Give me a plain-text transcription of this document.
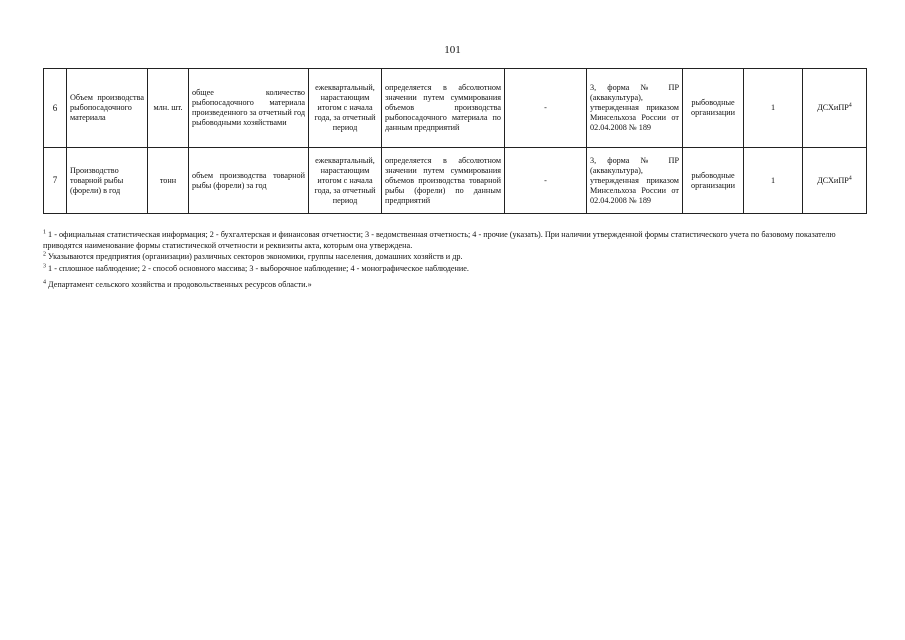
101
6	Объем производства рыбопосадочного материала	млн. шт.	общее количество рыбопосадочного материала произведенного за отчетный год рыбоводными хозяйствами	ежеквартальный, нарастающим итогом с начала года, за отчетный период	определяется в абсолютном значении путем суммирования объемов производства рыбопосадочного материала по данным предприятий	-	3, форма № ПР (аквакультура), утвержденная приказом Минсельхоза России от 02.04.2008 № 189	рыбоводные организации	1	ДСХиПР$^4$
7	Производство товарной рыбы (форели) в год	тонн	объем производства товарной рыбы (форели) за год	ежеквартальный, нарастающим итогом с начала года, за отчетный период	определяется в абсолютном значении путем суммирования объемов производства товарной рыбы (форели) по данным предприятий	-	3, форма № ПР (аквакультура), утвержденная приказом Минсельхоза России от 02.04.2008 № 189	рыбоводные организации	1	ДСХиПР$^4$

$^1$ 1 - официальная статистическая информация; 2 - бухгалтерская и финансовая отчетности; 3 - ведомственная отчетность; 4 - прочие (указать). При наличии утвержденной формы статистического учета по базовому показателю приводятся наименование формы статистической отчетности и реквизиты акта, которым она утверждена.

$^2$ Указываются предприятия (организации) различных секторов экономики, группы населения, домашних хозяйств и др.

$^3$ 1 - сплошное наблюдение; 2 - способ основного массива; 3 - выборочное наблюдение; 4 - монографическое наблюдение.

$^4$ Департамент сельского хозяйства и продовольственных ресурсов области.»
